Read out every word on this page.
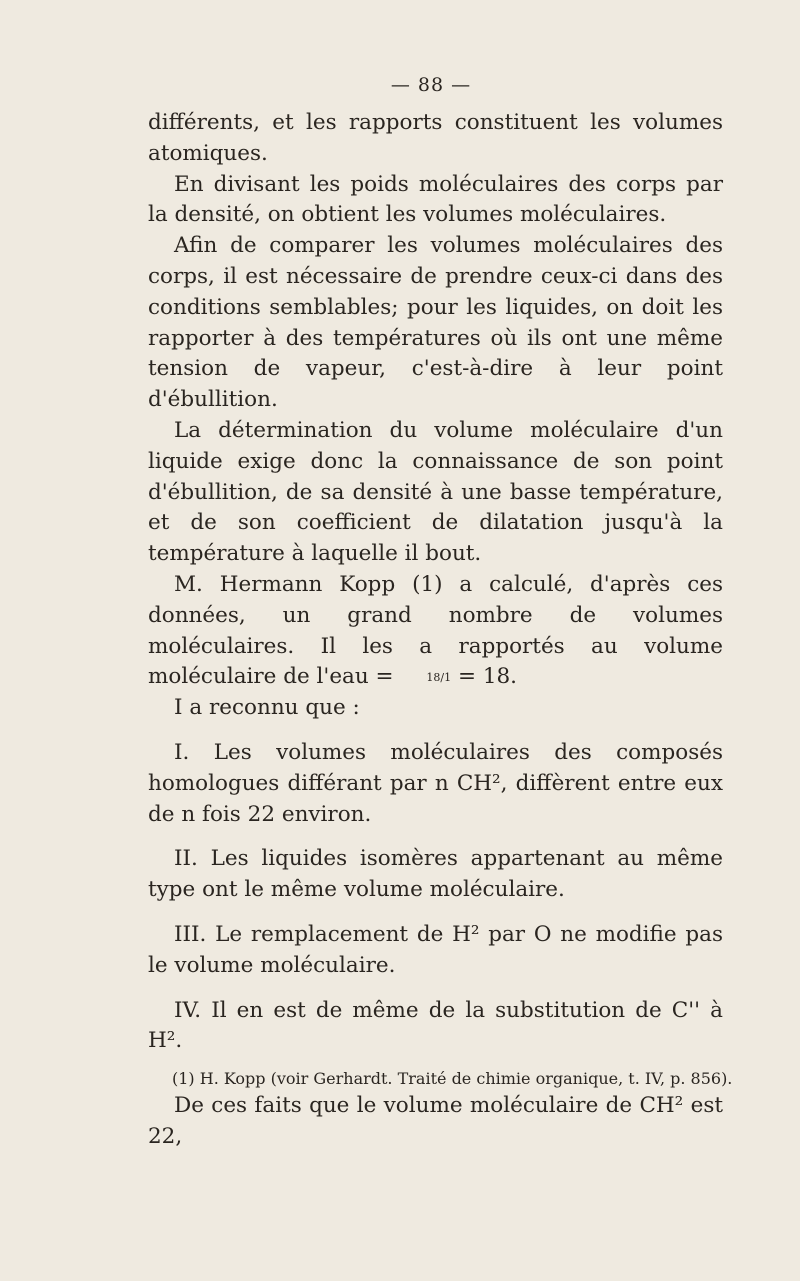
— 88 —

différents, et les rapports constituent les volumes atomiques.

En divisant les poids moléculaires des corps par la densité, on obtient les volumes moléculaires.

Afin de comparer les volumes moléculaires des corps, il est nécessaire de prendre ceux-ci dans des conditions semblables; pour les liquides, on doit les rapporter à des températures où ils ont une même tension de vapeur, c'est-à-dire à leur point d'ébullition.

La détermination du volume moléculaire d'un liquide exige donc la connaissance de son point d'ébullition, de sa densité à une basse température, et de son coefficient de dilatation jusqu'à la température à laquelle il bout.

M. Hermann Kopp (1) a calculé, d'après ces données, un grand nombre de volumes moléculaires. Il les a rapportés au volume moléculaire de l'eau =	18/1 = 18.

I a reconnu que :

I. Les volumes moléculaires des composés homologues différant par n CH², diffèrent entre eux de n fois 22 environ.

II. Les liquides isomères appartenant au même type ont le même volume moléculaire.

III. Le remplacement de H² par O ne modifie pas le volume moléculaire.

IV. Il en est de même de la substitution de C'' à H².

De ces faits que le volume moléculaire de CH² est 22,

(1) H. Kopp (voir Gerhardt. Traité de chimie organique, t. IV, p. 856).
